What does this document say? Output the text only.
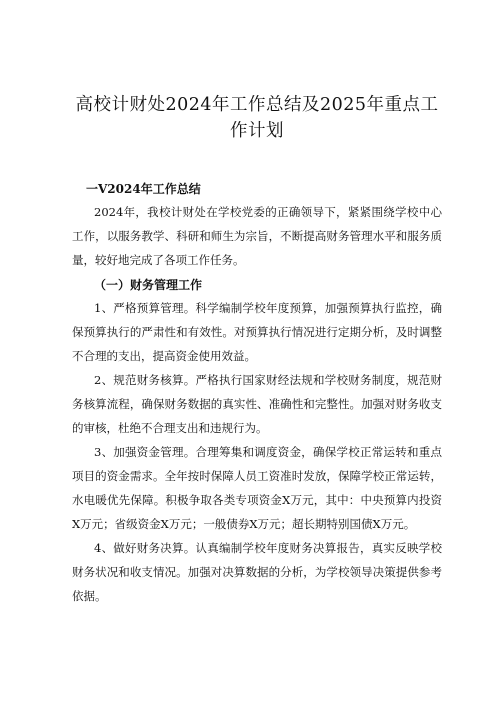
高校计财处2024年工作总结及2025年重点工
作计划

一V2024年工作总结

2024年，我校计财处在学校党委的正确领导下，紧紧围绕学校中心工作，以服务教学、科研和师生为宗旨，不断提高财务管理水平和服务质量，较好地完成了各项工作任务。

（一）财务管理工作

1、严格预算管理。科学编制学校年度预算，加强预算执行监控，确保预算执行的严肃性和有效性。对预算执行情况进行定期分析，及时调整不合理的支出，提高资金使用效益。

2、规范财务核算。严格执行国家财经法规和学校财务制度，规范财务核算流程，确保财务数据的真实性、准确性和完整性。加强对财务收支的审核，杜绝不合理支出和违规行为。

3、加强资金管理。合理筹集和调度资金，确保学校正常运转和重点项目的资金需求。全年按时保障人员工资准时发放，保障学校正常运转，水电暖优先保障。积极争取各类专项资金X万元，其中：中央预算内投资X万元；省级资金X万元；一般债券X万元；超长期特别国债X万元。

4、做好财务决算。认真编制学校年度财务决算报告，真实反映学校财务状况和收支情况。加强对决算数据的分析，为学校领导决策提供参考依据。
